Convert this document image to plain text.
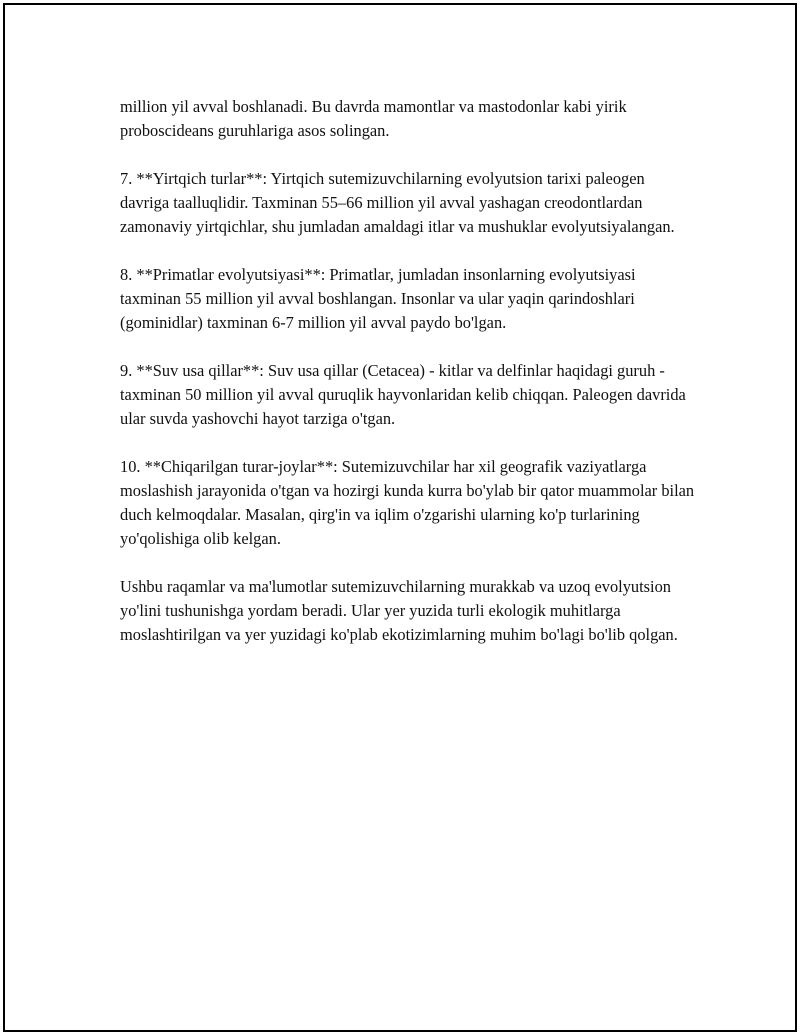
million yil avval boshlanadi. Bu davrda mamontlar va mastodonlar kabi yirik proboscideans guruhlariga asos solingan.

7. **Yirtqich turlar**: Yirtqich sutemizuvchilarning evolyutsion tarixi paleogen davriga taalluqlidir. Taxminan 55–66 million yil avval yashagan creodontlardan zamonaviy yirtqichlar, shu jumladan amaldagi itlar va mushuklar evolyutsiyalangan.

8. **Primatlar evolyutsiyasi**: Primatlar, jumladan insonlarning evolyutsiyasi taxminan 55 million yil avval boshlangan. Insonlar va ular yaqin qarindoshlari (gominidlar) taxminan 6-7 million yil avval paydo bo'lgan.

9. **Suv usa qillar**: Suv usa qillar (Cetacea) - kitlar va delfinlar haqidagi guruh - taxminan 50 million yil avval quruqlik hayvonlaridan kelib chiqqan. Paleogen davrida ular suvda yashovchi hayot tarziga o'tgan.

10. **Chiqarilgan turar-joylar**: Sutemizuvchilar har xil geografik vaziyatlarga moslashish jarayonida o'tgan va hozirgi kunda kurra bo'ylab bir qator muammolar bilan duch kelmoqdalar. Masalan, qirg'in va iqlim o'zgarishi ularning ko'p turlarining yo'qolishiga olib kelgan.

Ushbu raqamlar va ma'lumotlar sutemizuvchilarning murakkab va uzoq evolyutsion yo'lini tushunishga yordam beradi. Ular yer yuzida turli ekologik muhitlarga moslashtirilgan va yer yuzidagi ko'plab ekotizimlarning muhim bo'lagi bo'lib qolgan.
